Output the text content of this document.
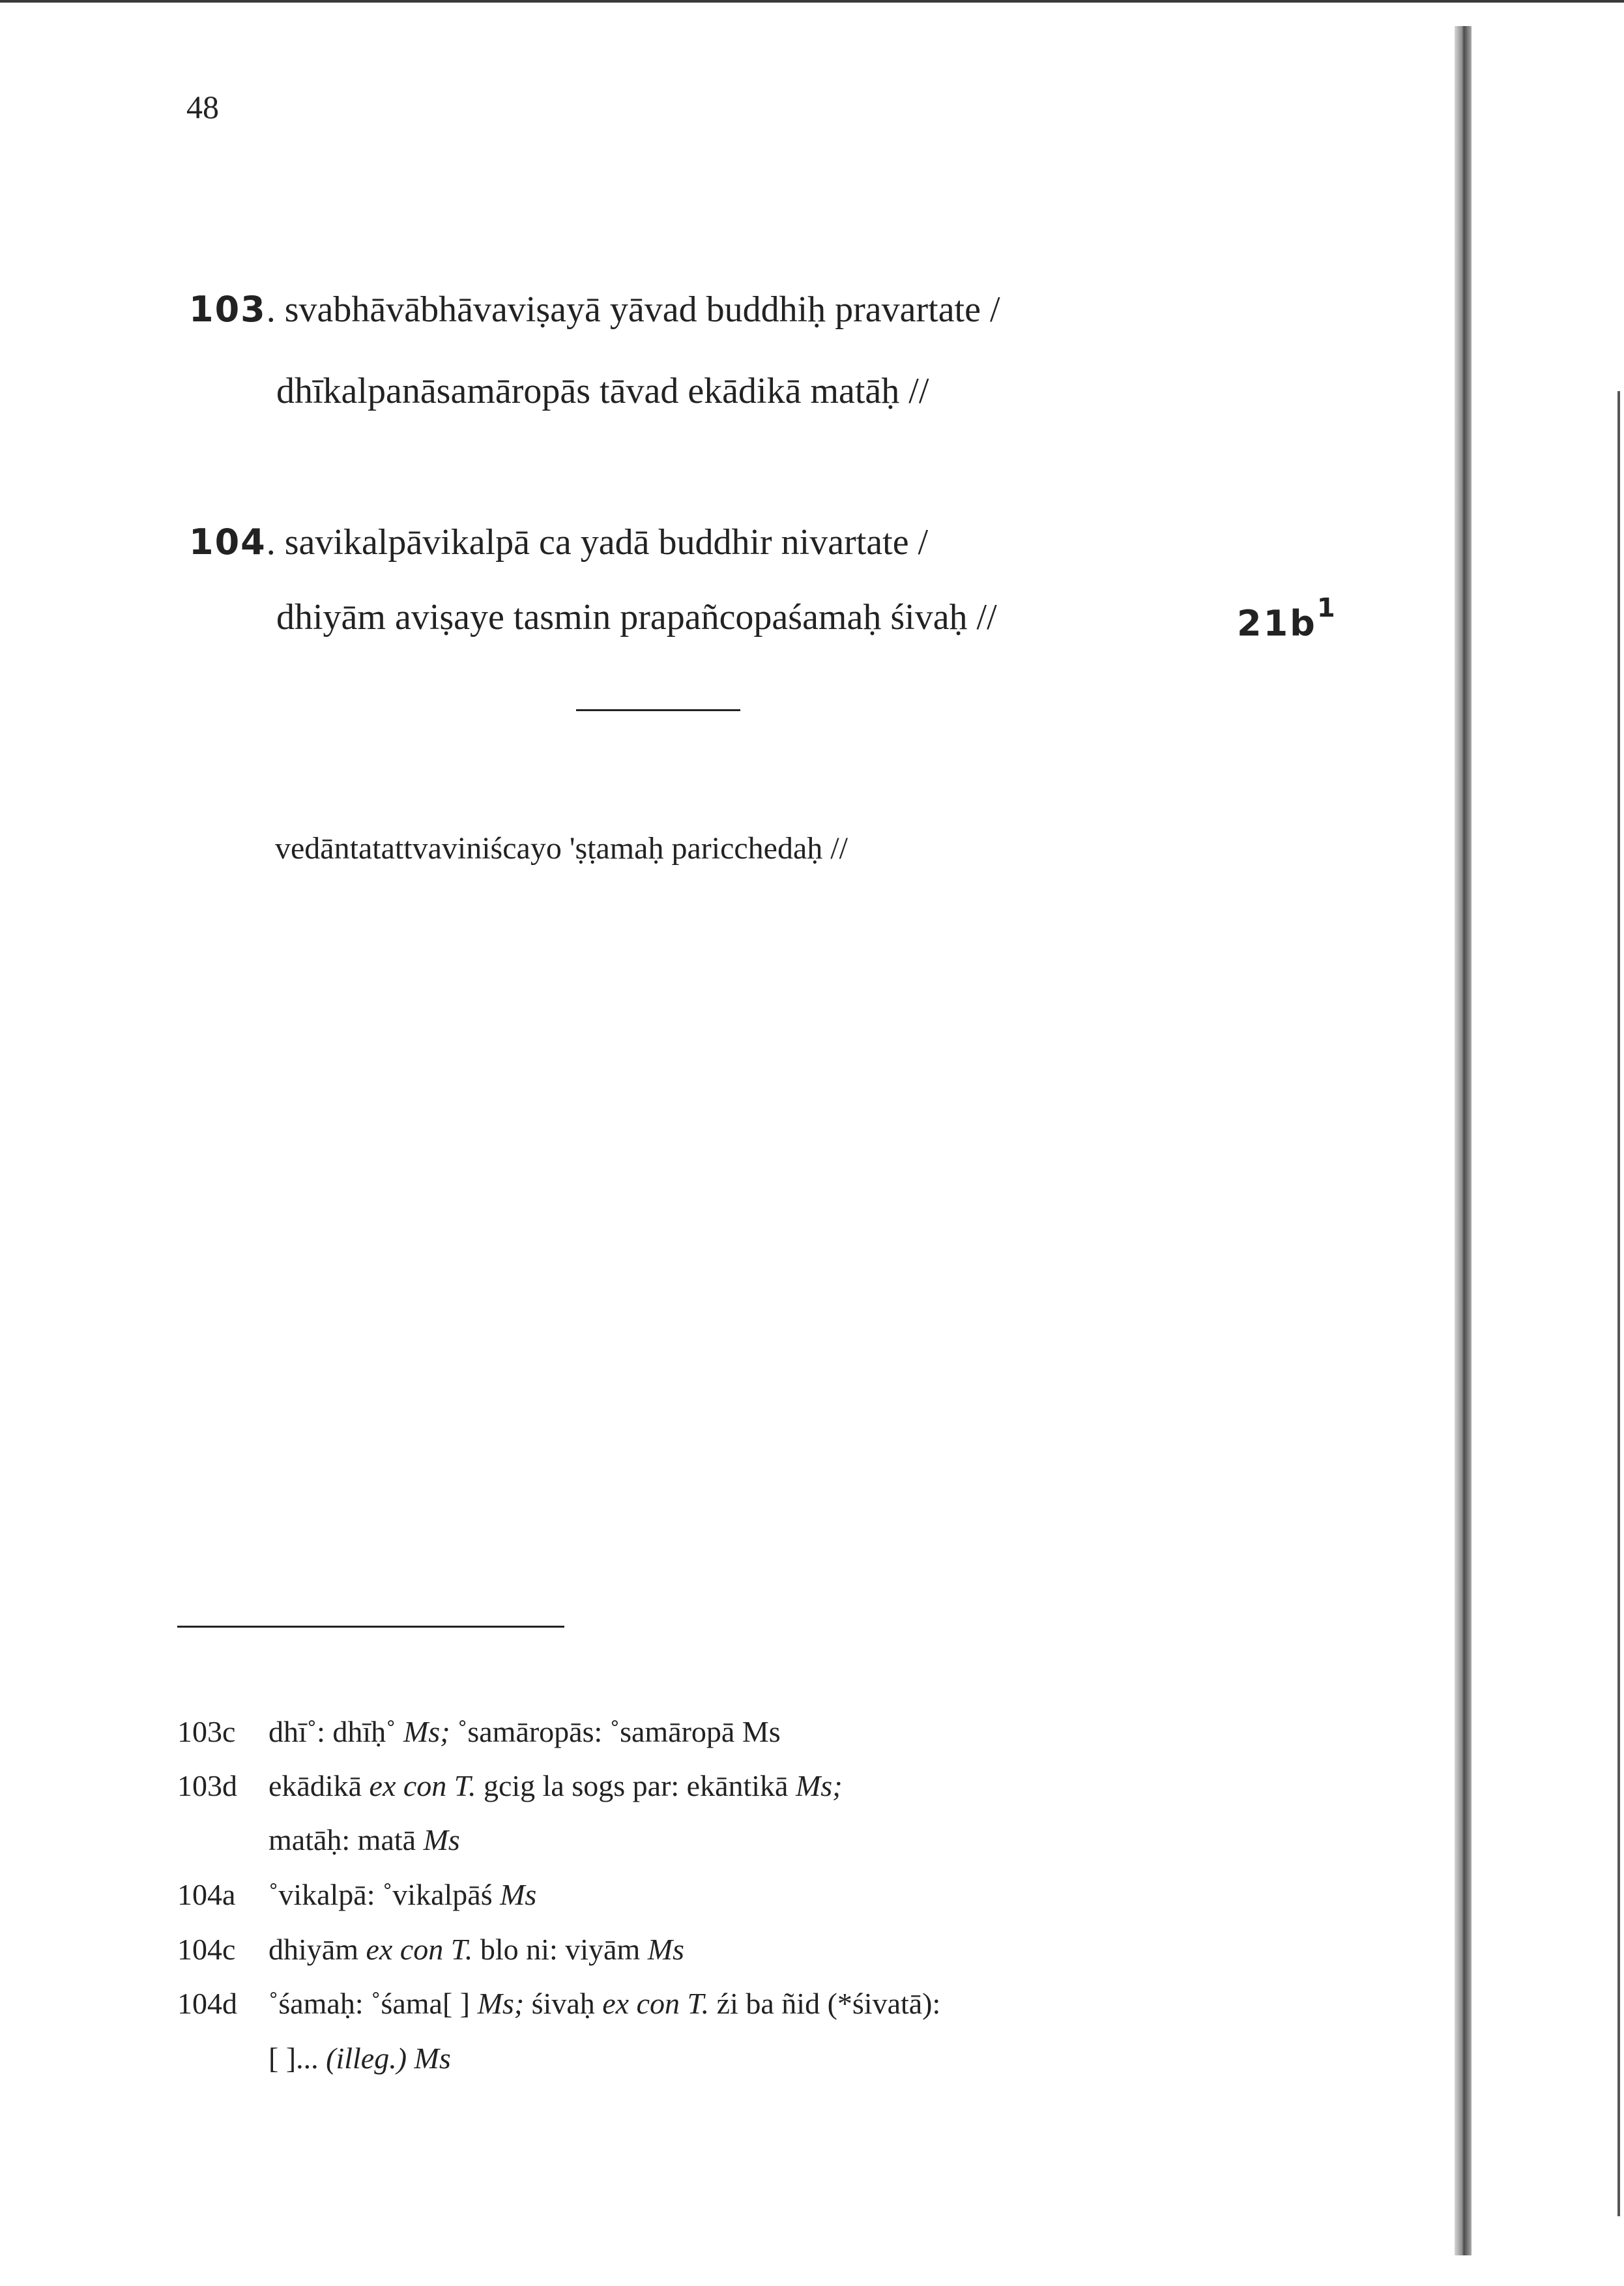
48
103. svabhāvābhāvaviṣayā yāvad buddhiḥ pravartate /
dhīkalpanāsamāropās tāvad ekādikā matāḥ //
104. savikalpāvikalpā ca yadā buddhir nivartate /
dhiyām aviṣaye tasmin prapañcopaśamaḥ śivaḥ //	$21b^1$
vedāntatattvaviniścayo 'ṣṭamaḥ paricchedaḥ //
103c dhī˚: dhīḥ˚ Ms; ˚samāropās: ˚samāropā Ms
103d ekādikā ex con T. gcig la sogs par: ekāntikā Ms;
matāḥ: matā Ms
104a ˚vikalpā: ˚vikalpāś Ms
104c dhiyām ex con T. blo ni: viyām Ms
104d ˚śamaḥ: ˚śama[ ] Ms; śivaḥ ex con T. źi ba ñid (*śivatā):
[ ]... (illeg.) Ms
